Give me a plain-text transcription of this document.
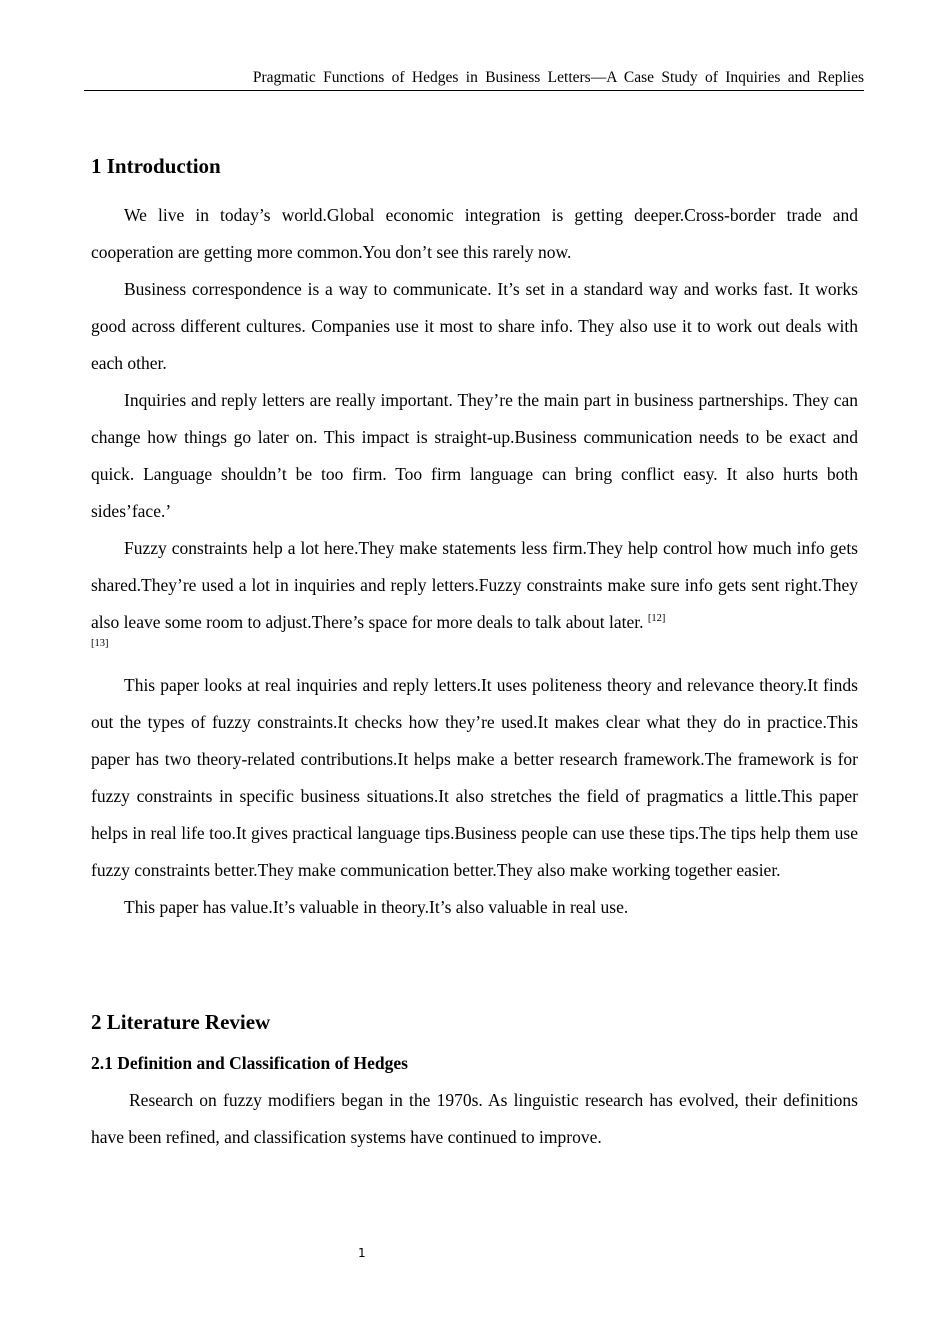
Pragmatic Functions of Hedges in Business Letters—A Case Study of Inquiries and Replies
1 Introduction

We live in today’s world.Global economic integration is getting deeper.Cross-border trade and cooperation are getting more common.You don’t see this rarely now.

Business correspondence is a way to communicate. It’s set in a standard way and works fast. It works good across different cultures. Companies use it most to share info. They also use it to work out deals with each other.

Inquiries and reply letters are really important. They’re the main part in business partnerships. They can change how things go later on. This impact is straight-up.Business communication needs to be exact and quick. Language shouldn’t be too firm. Too firm language can bring conflict easy. It also hurts both sides’face.’

Fuzzy constraints help a lot here.They make statements less firm.They help control how much info gets shared.They’re used a lot in inquiries and reply letters.Fuzzy constraints make sure info gets sent right.They also leave some room to adjust.There’s space for more deals to talk about later. [12]

[13]

This paper looks at real inquiries and reply letters.It uses politeness theory and relevance theory.It finds out the types of fuzzy constraints.It checks how they’re used.It makes clear what they do in practice.This paper has two theory-related contributions.It helps make a better research framework.The framework is for fuzzy constraints in specific business situations.It also stretches the field of pragmatics a little.This paper helps in real life too.It gives practical language tips.Business people can use these tips.The tips help them use fuzzy constraints better.They make communication better.They also make working together easier.

This paper has value.It’s valuable in theory.It’s also valuable in real use.

2 Literature Review
2.1 Definition and Classification of Hedges

Research on fuzzy modifiers began in the 1970s. As linguistic research has evolved, their definitions have been refined, and classification systems have continued to improve.

1
